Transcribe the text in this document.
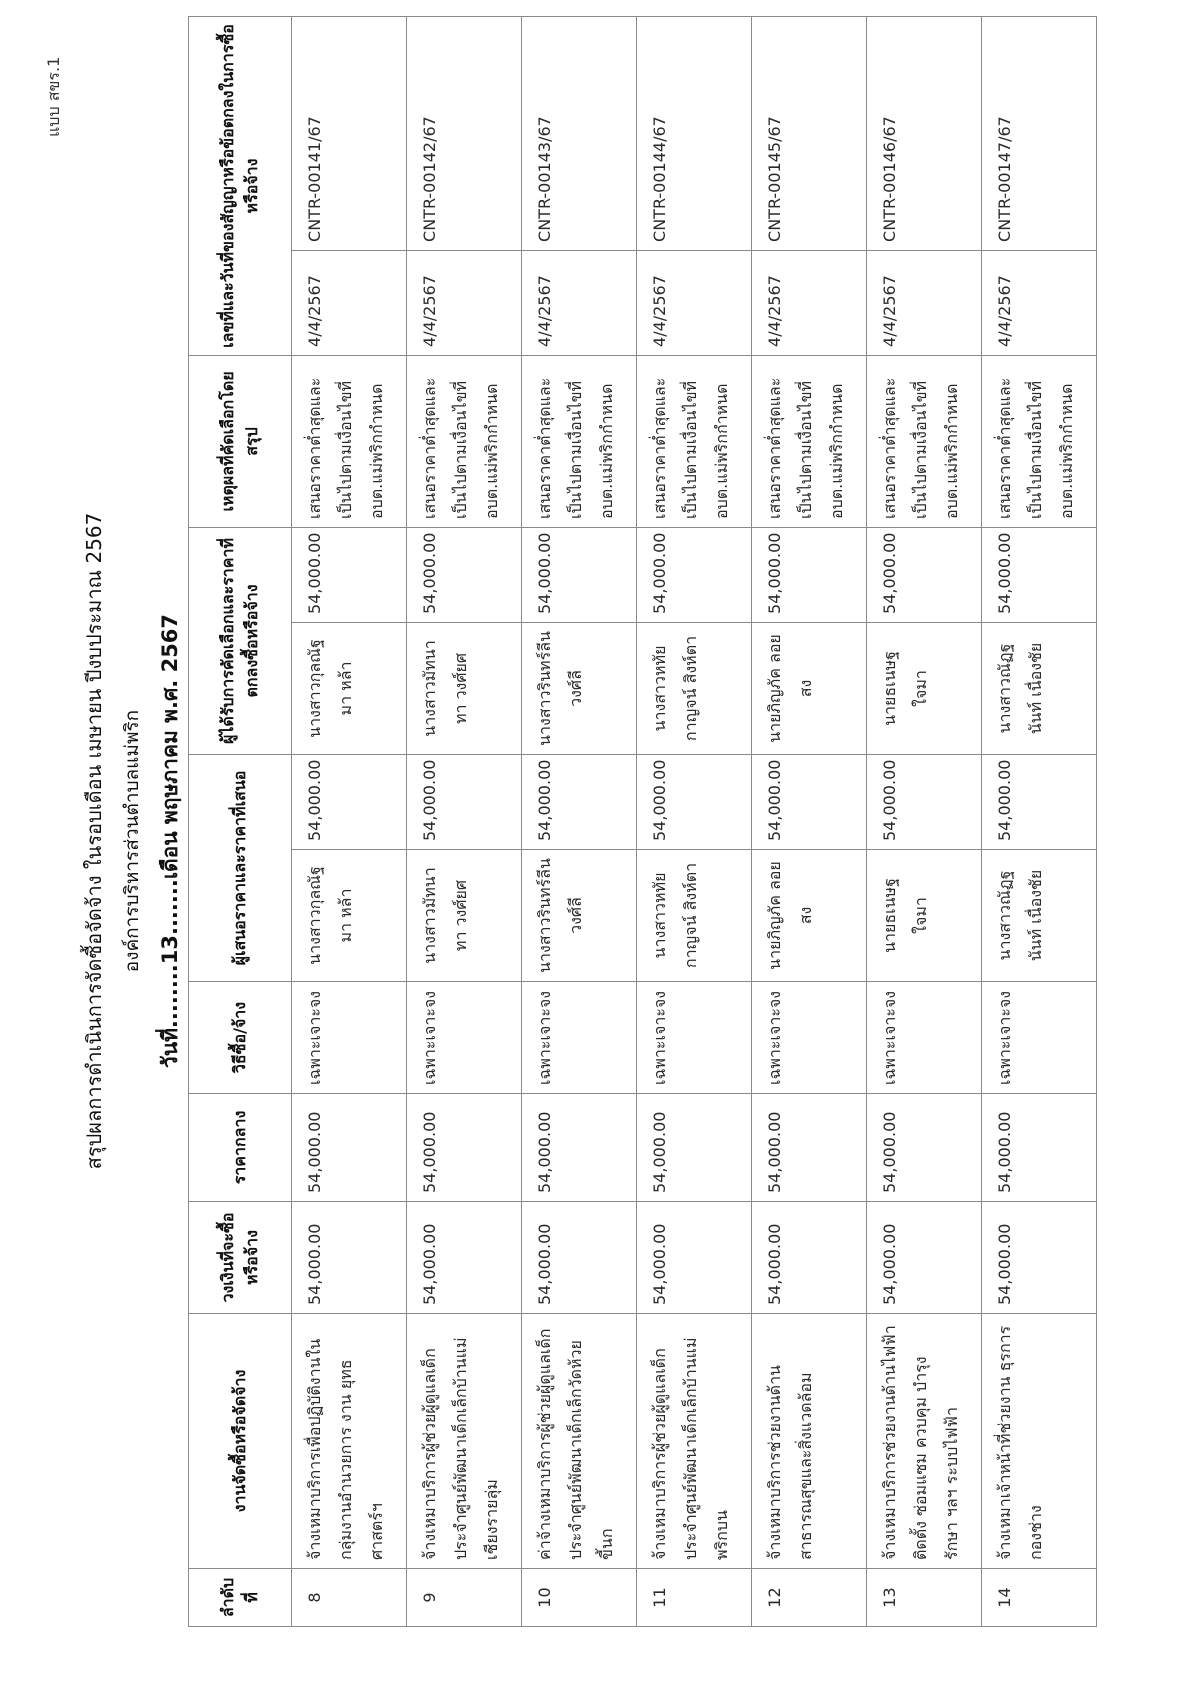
แบบ สขร.1
สรุปผลการดำเนินการจัดซื้อจัดจ้าง ในรอบเดือน เมษายน ปีงบประมาณ 2567 องค์การบริหารส่วนตำบลแม่พริก วันที่........13.......เดือน พฤษภาคม พ.ศ. 2567
ลำดับที่	งานจัดซื้อหรือจัดจ้าง	วงเงินที่จะซื้อหรือจ้าง	ราคากลาง	วิธีซื้อ/จ้าง	ผู้เสนอราคาและราคาที่เสนอ		ผู้ได้รับการคัดเลือกและราคาที่ตกลงซื้อหรือจ้าง		เหตุผลที่คัดเลือกโดยสรุป	เลขที่และวันที่ของสัญญาหรือข้อตกลงในการซื้อหรือจ้าง	
8	จ้างเหมาบริการเพื่อปฏิบัติงานใน กลุ่มงานอำนวยการ งาน ยุทธศาสตร์ฯ	54,000.00	54,000.00	เฉพาะเจาะจง	นางสาวกุลณัฐ มา หล้า	54,000.00	นางสาวกุลณัฐ มา หล้า	54,000.00	เสนอราคาต่ำสุดและ เป็นไปตามเงื่อนไขที่ อบต.แม่พริกกำหนด	4/4/2567	CNTR-00141/67
9	จ้างเหมาบริการผู้ช่วยผู้ดูแลเด็ก ประจำศูนย์พัฒนาเด็กเล็กบ้านแม่ เชียงรายลุ่ม	54,000.00	54,000.00	เฉพาะเจาะจง	นางสาวมัทนา ทา วงศ์ยศ	54,000.00	นางสาวมัทนา ทา วงศ์ยศ	54,000.00	เสนอราคาต่ำสุดและ เป็นไปตามเงื่อนไขที่ อบต.แม่พริกกำหนด	4/4/2567	CNTR-00142/67
10	ค่าจ้างเหมาบริการผู้ช่วยผู้ดูแลเด็ก ประจำศูนย์พัฒนาเด็กเล็กวัดห้วย ขี้นก	54,000.00	54,000.00	เฉพาะเจาะจง	นางสาวรินทร์ลีน วงศ์ลี	54,000.00	นางสาวรินทร์ลีน วงศ์ลี	54,000.00	เสนอราคาต่ำสุดและ เป็นไปตามเงื่อนไขที่ อบต.แม่พริกกำหนด	4/4/2567	CNTR-00143/67
11	จ้างเหมาบริการผู้ช่วยผู้ดูแลเด็ก ประจำศูนย์พัฒนาเด็กเล็กบ้านแม่ พริกบน	54,000.00	54,000.00	เฉพาะเจาะจง	นางสาวหทัยกาญจน์ สิงห์ตา	54,000.00	นางสาวหทัยกาญจน์ สิงห์ตา	54,000.00	เสนอราคาต่ำสุดและ เป็นไปตามเงื่อนไขที่ อบต.แม่พริกกำหนด	4/4/2567	CNTR-00144/67
12	จ้างเหมาบริการช่วยงานด้าน สาธารณสุขและสิ่งแวดล้อม	54,000.00	54,000.00	เฉพาะเจาะจง	นายภิญภัค ลอยสง	54,000.00	นายภิญภัค ลอยสง	54,000.00	เสนอราคาต่ำสุดและ เป็นไปตามเงื่อนไขที่ อบต.แม่พริกกำหนด	4/4/2567	CNTR-00145/67
13	จ้างเหมาบริการช่วยงานด้านไฟฟ้า ติดตั้ง ซ่อมแซม ควบคุม บำรุงรักษา ฯลฯ ระบบไฟฟ้า	54,000.00	54,000.00	เฉพาะเจาะจง	นายธเนษฐ ใจมา	54,000.00	นายธเนษฐ ใจมา	54,000.00	เสนอราคาต่ำสุดและ เป็นไปตามเงื่อนไขที่ อบต.แม่พริกกำหนด	4/4/2567	CNTR-00146/67
14	จ้างเหมาเจ้าหน้าที่ช่วยงาน ธุรการ กองช่าง	54,000.00	54,000.00	เฉพาะเจาะจง	นางสาวณัฏฐนันท์ เนื่องชัย	54,000.00	นางสาวณัฏฐนันท์ เนื่องชัย	54,000.00	เสนอราคาต่ำสุดและ เป็นไปตามเงื่อนไขที่ อบต.แม่พริกกำหนด	4/4/2567	CNTR-00147/67
